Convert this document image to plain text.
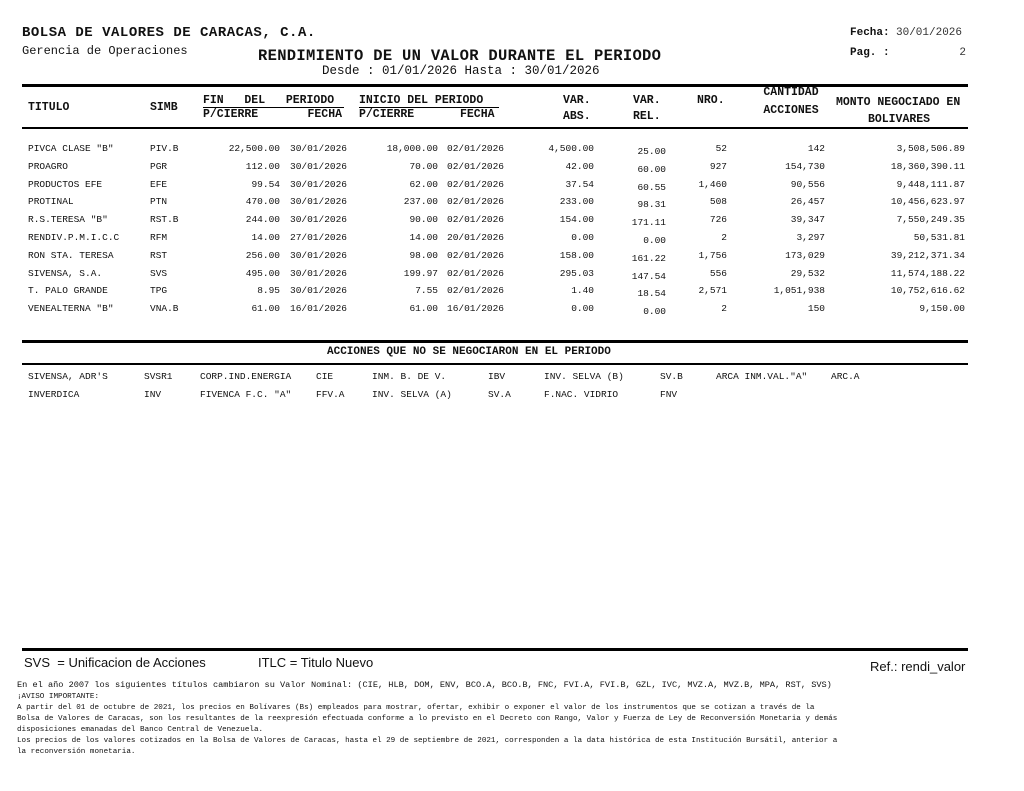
BOLSA DE VALORES DE CARACAS, C.A.
Gerencia de Operaciones	RENDIMIENTO DE UN VALOR DURANTE EL PERIODO
Desde : 01/01/2026 Hasta : 30/01/2026
Fecha: 30/01/2026
Pag. :	2
TITULO	SIMB
FIN   DEL   PERIODO
P/CIERRE	FECHA
INICIO DEL PERIODO
P/CIERRE	FECHA
VAR.
ABS.
VAR.
REL.
NRO.
CANTIDAD
ACCIONES
MONTO NEGOCIADO EN
BOLIVARES
PIVCA CLASE "B"	PIV.B	22,500.00 30/01/2026	18,000.00 02/01/2026	4,500.00	25.00	52	142	3,508,506.89
PROAGRO	PGR	112.00 30/01/2026	70.00 02/01/2026	42.00	60.00	927	154,730	18,360,390.11
PRODUCTOS EFE	EFE	99.54 30/01/2026	62.00 02/01/2026	37.54	60.55	1,460	90,556	9,448,111.87
PROTINAL	PTN	470.00 30/01/2026	237.00 02/01/2026	233.00	98.31	508	26,457	10,456,623.97
R.S.TERESA "B"	RST.B	244.00 30/01/2026	90.00 02/01/2026	154.00	171.11	726	39,347	7,550,249.35
RENDIV.P.M.I.C.C	RFM	14.00 27/01/2026	14.00 20/01/2026	0.00	0.00	2	3,297	50,531.81
RON STA. TERESA	RST	256.00 30/01/2026	98.00 02/01/2026	158.00	161.22	1,756	173,029	39,212,371.34
SIVENSA, S.A.	SVS	495.00 30/01/2026	199.97 02/01/2026	295.03	147.54	556	29,532	11,574,188.22
T. PALO GRANDE	TPG	8.95 30/01/2026	7.55 02/01/2026	1.40	18.54	2,571	1,051,938	10,752,616.62
VENEALTERNA "B"	VNA.B	61.00 16/01/2026	61.00 16/01/2026	0.00	0.00	2	150	9,150.00
ACCIONES QUE NO SE NEGOCIARON EN EL PERIODO
SIVENSA, ADR'S	SVSR1	CORP.IND.ENERGIA	CIE	INM. B. DE V.	IBV	INV. SELVA (B)	SV.B	ARCA INM.VAL."A"	ARC.A
INVERDICA	INV	FIVENCA F.C. "A"	FFV.A	INV. SELVA (A)	SV.A	F.NAC. VIDRIO	FNV
SVS  = Unificacion de Acciones	ITLC = Titulo Nuevo	Ref.: rendi_valor
En el año 2007 los siguientes títulos cambiaron su Valor Nominal: (CIE, HLB, DOM, ENV, BCO.A, BCO.B, FNC, FVI.A, FVI.B, GZL, IVC, MVZ.A, MVZ.B, MPA, RST, SVS)
¡AVISO IMPORTANTE:
A partir del 01 de octubre de 2021, los precios en Bolívares (Bs) empleados para mostrar, ofertar, exhibir o exponer el valor de los instrumentos que se cotizan a través de la
Bolsa de Valores de Caracas, son los resultantes de la reexpresión efectuada conforme a lo previsto en el Decreto con Rango, Valor y Fuerza de Ley de Reconversión Monetaria y demás
disposiciones emanadas del Banco Central de Venezuela.
Los precios de los valores cotizados en la Bolsa de Valores de Caracas, hasta el 29 de septiembre de 2021, corresponden a la data histórica de esta Institución Bursátil, anterior a
la reconversión monetaria.
